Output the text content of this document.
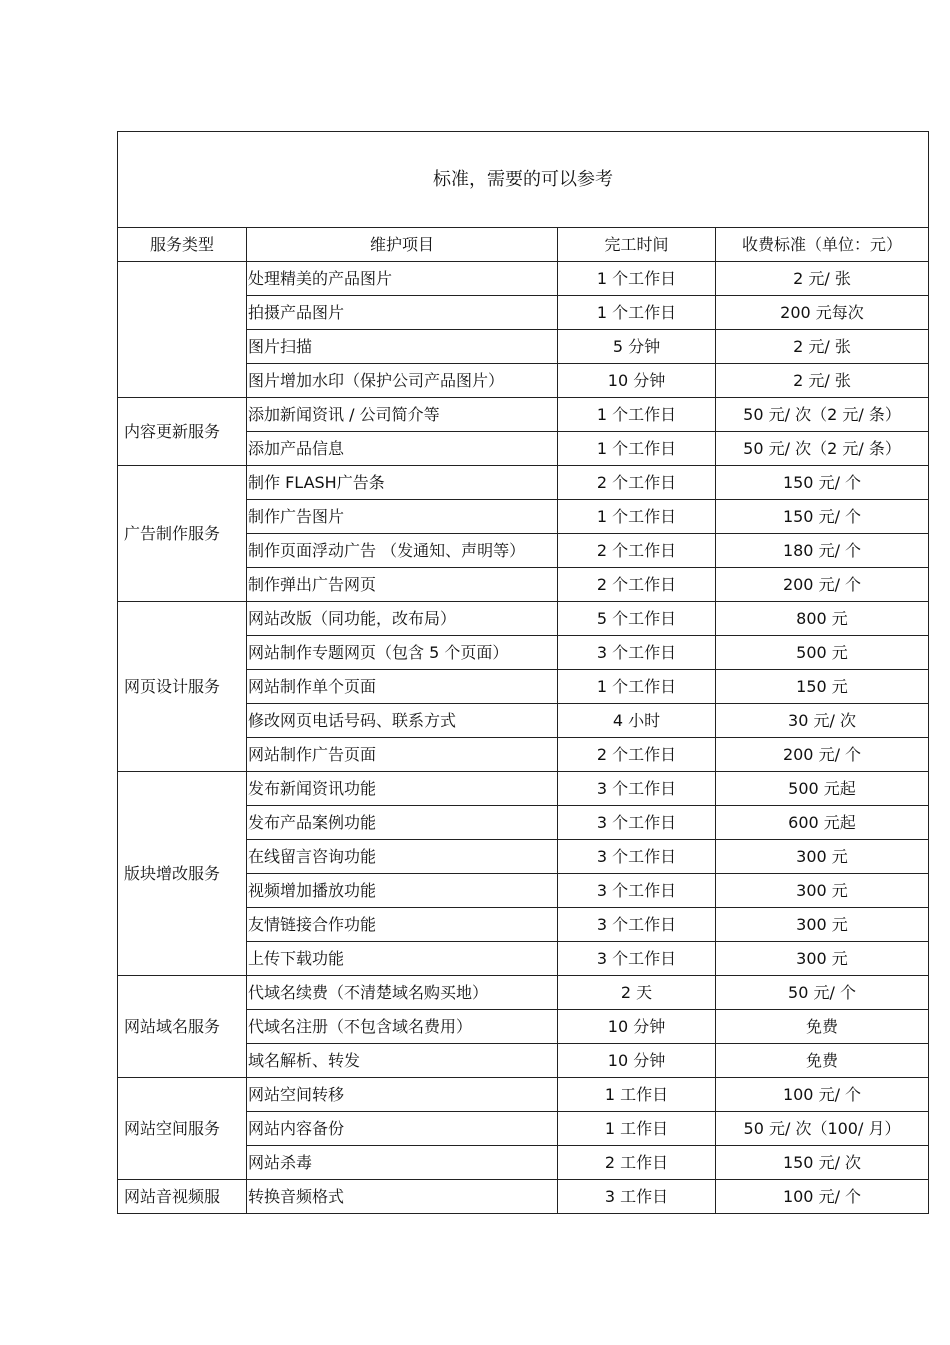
标准，需要的可以参考			
服务类型	维护项目	完工时间	收费标准（单位：元）
	处理精美的产品图片	1 个工作日	2 元/ 张
	拍摄产品图片	1 个工作日	200 元每次
	图片扫描	5 分钟	2 元/ 张
	图片增加水印（保护公司产品图片）	10 分钟	2 元/ 张
内容更新服务	添加新闻资讯 / 公司简介等	1 个工作日	50 元/ 次（2 元/ 条）
	添加产品信息	1 个工作日	50 元/ 次（2 元/ 条）
广告制作服务	制作 FLASH广告条	2 个工作日	150 元/ 个
	制作广告图片	1 个工作日	150 元/ 个
	制作页面浮动广告 （发通知、声明等）	2 个工作日	180 元/ 个
	制作弹出广告网页	2 个工作日	200 元/ 个
网页设计服务	网站改版（同功能，改布局）	5 个工作日	800 元
	网站制作专题网页（包含 5 个页面）	3 个工作日	500 元
	网站制作单个页面	1 个工作日	150 元
	修改网页电话号码、联系方式	4 小时	30 元/ 次
	网站制作广告页面	2 个工作日	200 元/ 个
版块增改服务	发布新闻资讯功能	3 个工作日	500 元起
	发布产品案例功能	3 个工作日	600 元起
	在线留言咨询功能	3 个工作日	300 元
	视频增加播放功能	3 个工作日	300 元
	友情链接合作功能	3 个工作日	300 元
	上传下载功能	3 个工作日	300 元
网站域名服务	代域名续费（不清楚域名购买地）	2 天	50 元/ 个
	代域名注册（不包含域名费用）	10 分钟	免费
	域名解析、转发	10 分钟	免费
网站空间服务	网站空间转移	1 工作日	100 元/ 个
	网站内容备份	1 工作日	50 元/ 次（100/ 月）
	网站杀毒	2 工作日	150 元/ 次
网站音视频服	转换音频格式	3 工作日	100 元/ 个
